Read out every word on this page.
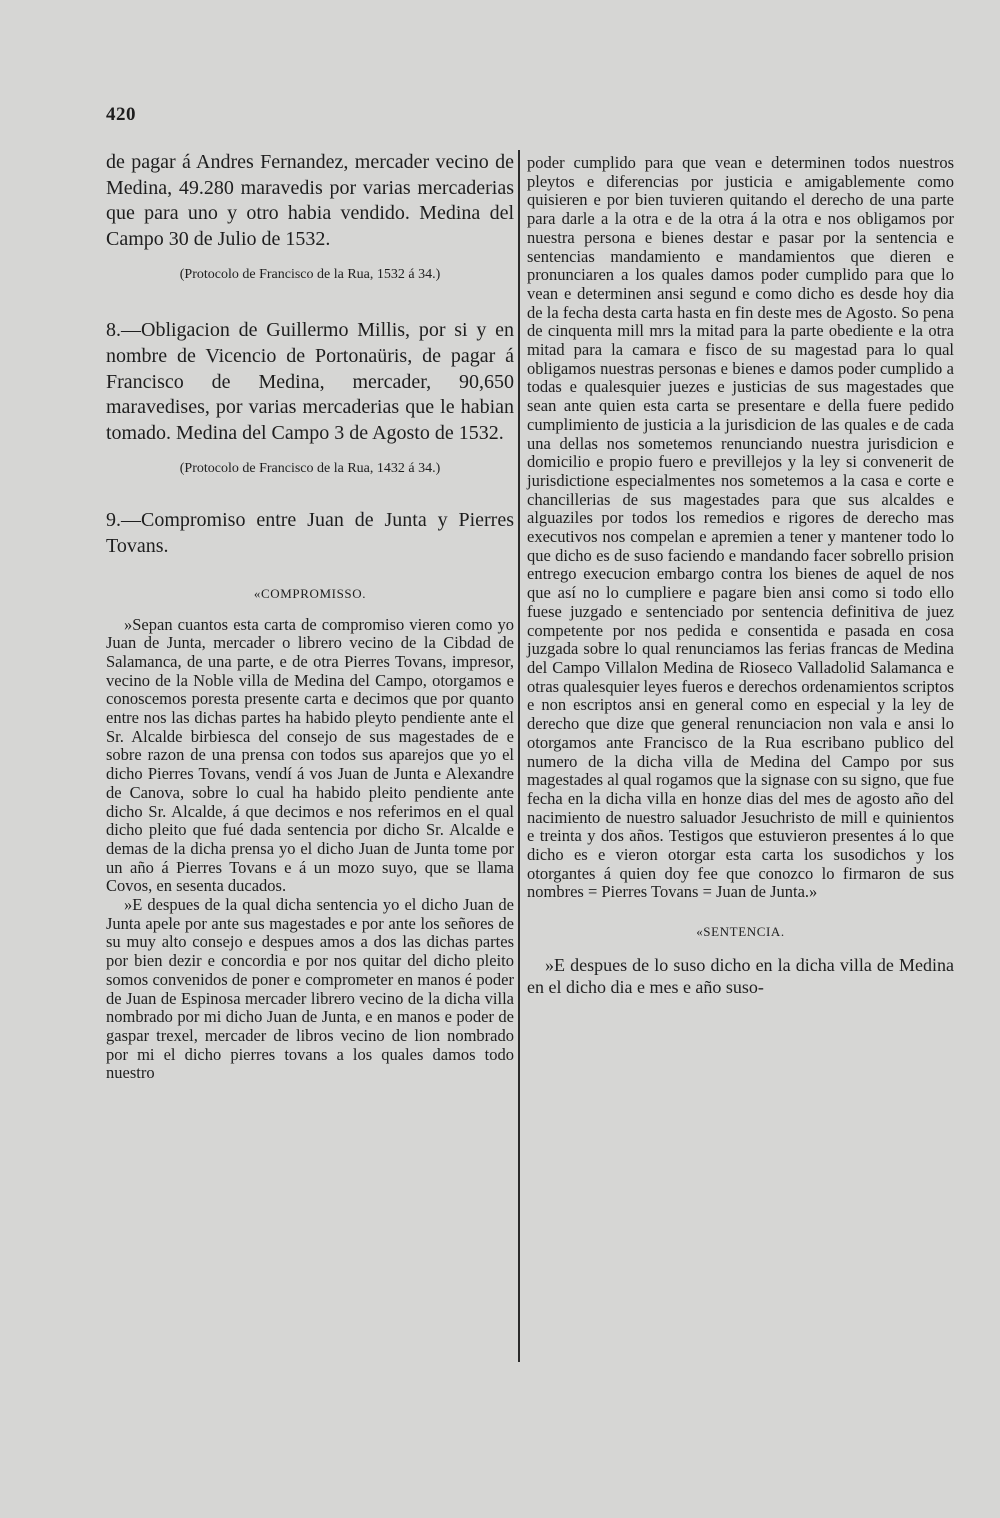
420

de pagar á Andres Fernandez, mercader vecino de Medina, 49.280 maravedis por varias mercaderias que para uno y otro habia vendido. Medina del Campo 30 de Julio de 1532.

(Protocolo de Francisco de la Rua, 1532 á 34.)

8.—Obligacion de Guillermo Millis, por si y en nombre de Vicencio de Portonaüris, de pagar á Francisco de Medina, mercader, 90,650 maravedises, por varias mercaderias que le habian tomado. Medina del Campo 3 de Agosto de 1532.

(Protocolo de Francisco de la Rua, 1432 á 34.)

9.—Compromiso entre Juan de Junta y Pierres Tovans.

«COMPROMISSO.

»Sepan cuantos esta carta de compromiso vieren como yo Juan de Junta, mercader o librero vecino de la Cibdad de Salamanca, de una parte, e de otra Pierres Tovans, impresor, vecino de la Noble villa de Medina del Campo, otorgamos e conoscemos poresta presente carta e decimos que por quanto entre nos las dichas partes ha habido pleyto pendiente ante el Sr. Alcalde birbiesca del consejo de sus magestades de e sobre razon de una prensa con todos sus aparejos que yo el dicho Pierres Tovans, vendí á vos Juan de Junta e Alexandre de Canova, sobre lo cual ha habido pleito pendiente ante dicho Sr. Alcalde, á que decimos e nos referimos en el qual dicho pleito que fué dada sentencia por dicho Sr. Alcalde e demas de la dicha prensa yo el dicho Juan de Junta tome por un año á Pierres Tovans e á un mozo suyo, que se llama Covos, en sesenta ducados.

»E despues de la qual dicha sentencia yo el dicho Juan de Junta apele por ante sus magestades e por ante los señores de su muy alto consejo e despues amos a dos las dichas partes por bien dezir e concordia e por nos quitar del dicho pleito somos convenidos de poner e comprometer en manos é poder de Juan de Espinosa mercader librero vecino de la dicha villa nombrado por mi dicho Juan de Junta, e en manos e poder de gaspar trexel, mercader de libros vecino de lion nombrado por mi el dicho pierres tovans a los quales damos todo nuestro

poder cumplido para que vean e determinen todos nuestros pleytos e diferencias por justicia e amigablemente como quisieren e por bien tuvieren quitando el derecho de una parte para darle a la otra e de la otra á la otra e nos obligamos por nuestra persona e bienes destar e pasar por la sentencia e sentencias mandamiento e mandamientos que dieren e pronunciaren a los quales damos poder cumplido para que lo vean e determinen ansi segund e como dicho es desde hoy dia de la fecha desta carta hasta en fin deste mes de Agosto. So pena de cinquenta mill mrs la mitad para la parte obediente e la otra mitad para la camara e fisco de su magestad para lo qual obligamos nuestras personas e bienes e damos poder cumplido a todas e qualesquier juezes e justicias de sus magestades que sean ante quien esta carta se presentare e della fuere pedido cumplimiento de justicia a la jurisdicion de las quales e de cada una dellas nos sometemos renunciando nuestra jurisdicion e domicilio e propio fuero e previllejos y la ley si convenerit de jurisdictione especialmentes nos sometemos a la casa e corte e chancillerias de sus magestades para que sus alcaldes e alguaziles por todos los remedios e rigores de derecho mas executivos nos compelan e apremien a tener y mantener todo lo que dicho es de suso faciendo e mandando facer sobrello prision entrego execucion embargo contra los bienes de aquel de nos que así no lo cumpliere e pagare bien ansi como si todo ello fuese juzgado e sentenciado por sentencia definitiva de juez competente por nos pedida e consentida e pasada en cosa juzgada sobre lo qual renunciamos las ferias francas de Medina del Campo Villalon Medina de Rioseco Valladolid Salamanca e otras qualesquier leyes fueros e derechos ordenamientos scriptos e non escriptos ansi en general como en especial y la ley de derecho que dize que general renunciacion non vala e ansi lo otorgamos ante Francisco de la Rua escribano publico del numero de la dicha villa de Medina del Campo por sus magestades al qual rogamos que la signase con su signo, que fue fecha en la dicha villa en honze dias del mes de agosto año del nacimiento de nuestro saluador Jesuchristo de mill e quinientos e treinta y dos años. Testigos que estuvieron presentes á lo que dicho es e vieron otorgar esta carta los susodichos y los otorgantes á quien doy fee que conozco lo firmaron de sus nombres = Pierres Tovans = Juan de Junta.»

«SENTENCIA.

»E despues de lo suso dicho en la dicha villa de Medina en el dicho dia e mes e año suso-
